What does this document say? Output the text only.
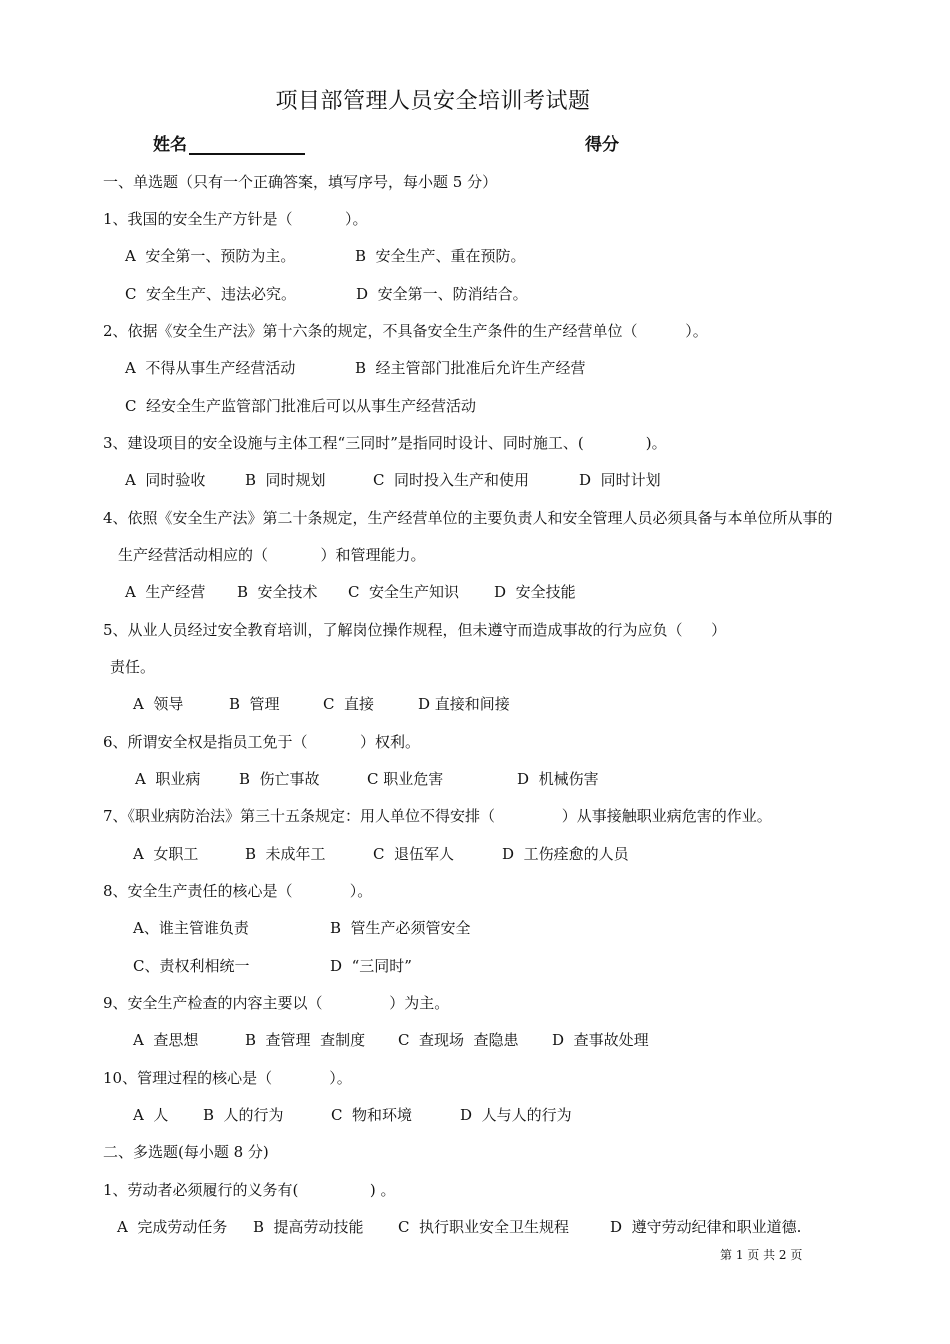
项目部管理人员安全培训考试题
姓名	得分
一、单选题（只有一个正确答案，填写序号，每小题 5 分）
1、我国的安全生产方针是（           ）。
A  安全第一、预防为主。	B  安全生产、重在预防。
C  安全生产、违法必究。	D  安全第一、防消结合。
2、依据《安全生产法》第十六条的规定，不具备安全生产条件的生产经营单位（          ）。
A  不得从事生产经营活动	B  经主管部门批准后允许生产经营
C  经安全生产监管部门批准后可以从事生产经营活动
3、建设项目的安全设施与主体工程“三同时”是指同时设计、同时施工、(             )。
A  同时验收	B  同时规划	C  同时投入生产和使用	D  同时计划
4、依照《安全生产法》第二十条规定，生产经营单位的主要负责人和安全管理人员必须具备与本单位所从事的
生产经营活动相应的（           ）和管理能力。
A  生产经营 B  安全技术 C  安全生产知识 D  安全技能
5、从业人员经过安全教育培训，了解岗位操作规程，但未遵守而造成事故的行为应负（      ）
责任。
A  领导	B  管理	C  直接	D 直接和间接
6、所谓安全权是指员工免于（           ）权利。
A  职业病	B  伤亡事故	C 职业危害	D  机械伤害
7、《职业病防治法》第三十五条规定：用人单位不得安排（              ）从事接触职业病危害的作业。
A  女职工	B  未成年工	C  退伍军人	D  工伤痊愈的人员
8、安全生产责任的核心是（            ）。
A、谁主管谁负责	B  管生产必须管安全
C、责权利相统一	D  “三同时”
9、安全生产检查的内容主要以（              ）为主。
A  查思想	B  查管理  查制度 C  查现场  查隐患 D  查事故处理
10、管理过程的核心是（            ）。
A  人 B  人的行为	C  物和环境	D  人与人的行为
二、多选题(每小题 8 分)
1、劳动者必须履行的义务有(               ) 。
A  完成劳动任务 B  提高劳动技能 C  执行职业安全卫生规程	D  遵守劳动纪律和职业道德.
第 1 页 共 2 页
